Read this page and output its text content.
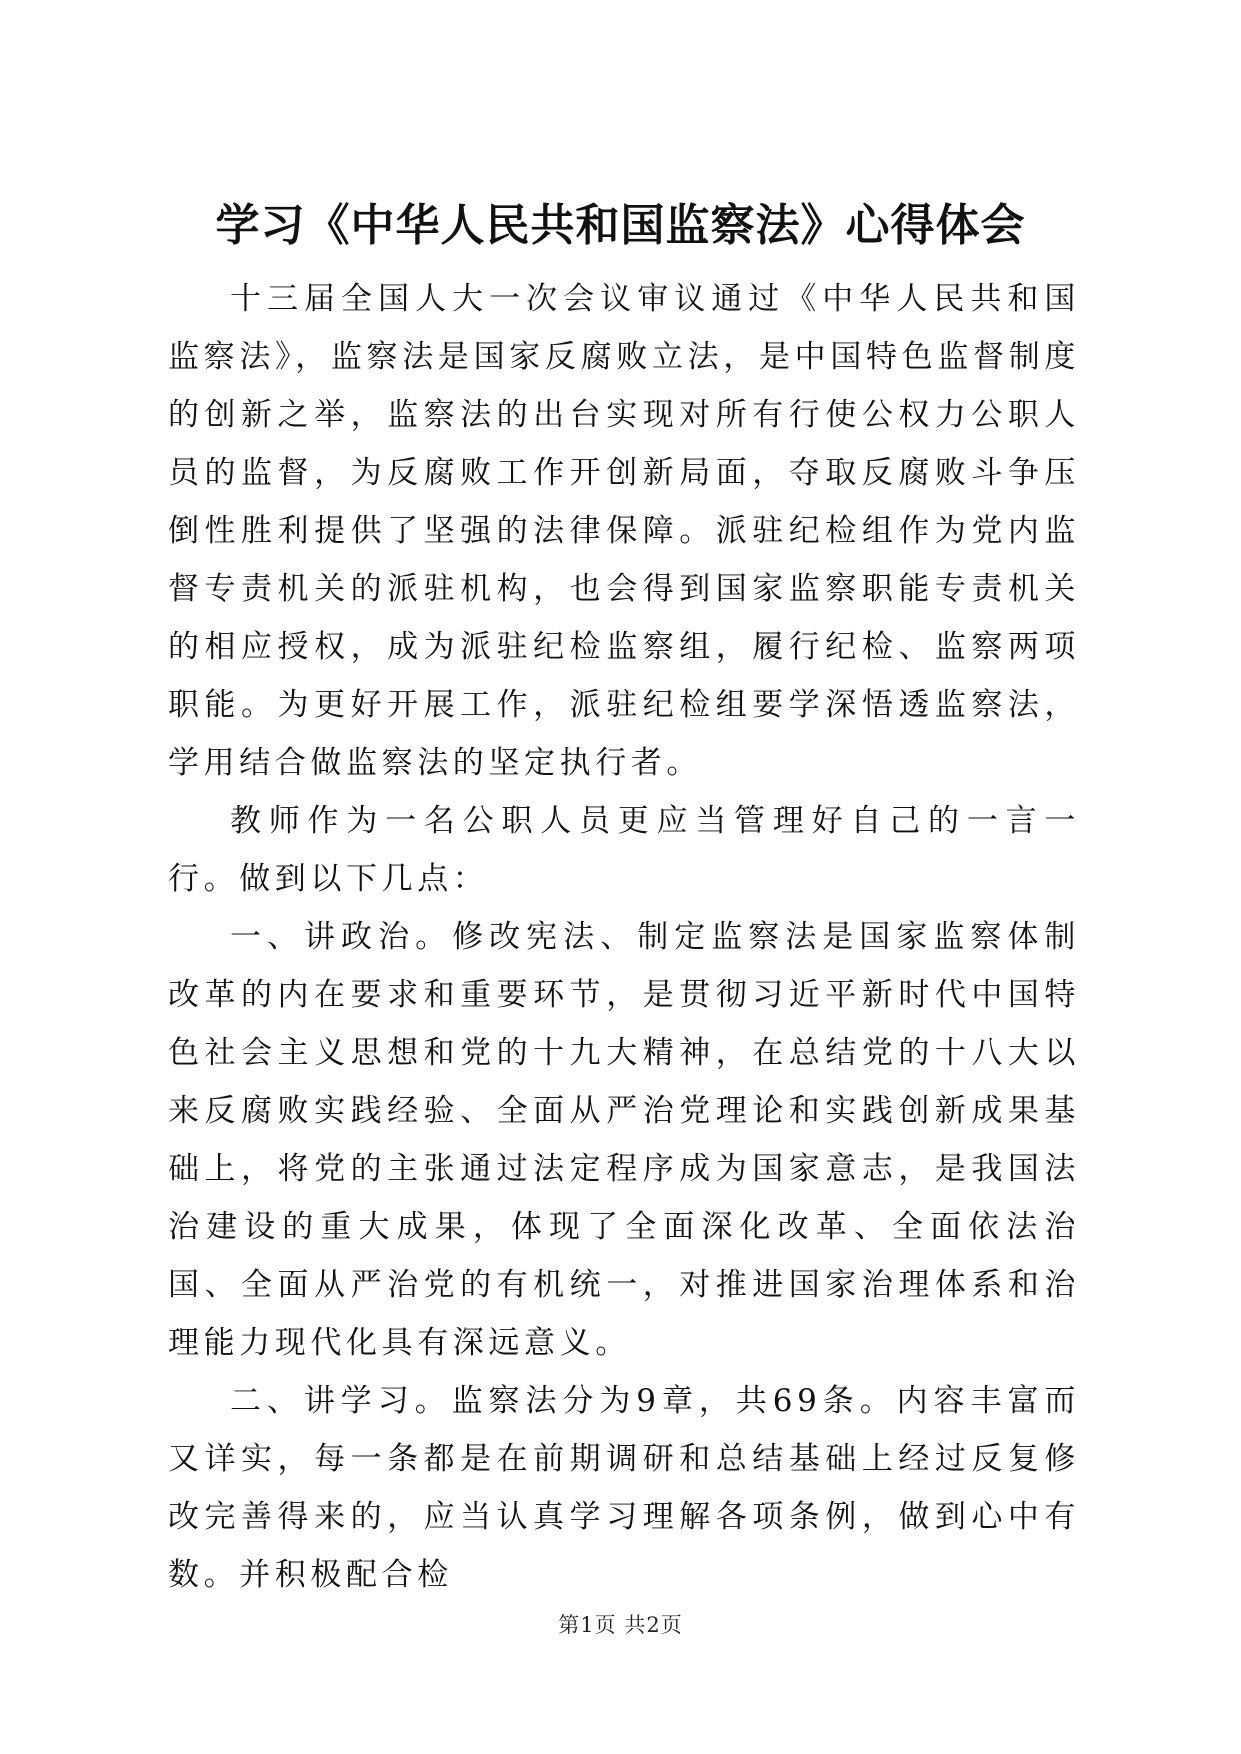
学习《中华人民共和国监察法》心得体会

十三届全国人大一次会议审议通过《中华人民共和国监察法》，监察法是国家反腐败立法，是中国特色监督制度的创新之举，监察法的出台实现对所有行使公权力公职人员的监督，为反腐败工作开创新局面，夺取反腐败斗争压倒性胜利提供了坚强的法律保障。派驻纪检组作为党内监督专责机关的派驻机构，也会得到国家监察职能专责机关的相应授权，成为派驻纪检监察组，履行纪检、监察两项职能。为更好开展工作，派驻纪检组要学深悟透监察法，学用结合做监察法的坚定执行者。

教师作为一名公职人员更应当管理好自己的一言一行。做到以下几点：

一、讲政治。修改宪法、制定监察法是国家监察体制改革的内在要求和重要环节，是贯彻习近平新时代中国特色社会主义思想和党的十九大精神，在总结党的十八大以来反腐败实践经验、全面从严治党理论和实践创新成果基础上，将党的主张通过法定程序成为国家意志，是我国法治建设的重大成果，体现了全面深化改革、全面依法治国、全面从严治党的有机统一，对推进国家治理体系和治理能力现代化具有深远意义。

二、讲学习。监察法分为9章，共69条。内容丰富而又详实，每一条都是在前期调研和总结基础上经过反复修改完善得来的，应当认真学习理解各项条例，做到心中有数。并积极配合检

第1页 共2页
